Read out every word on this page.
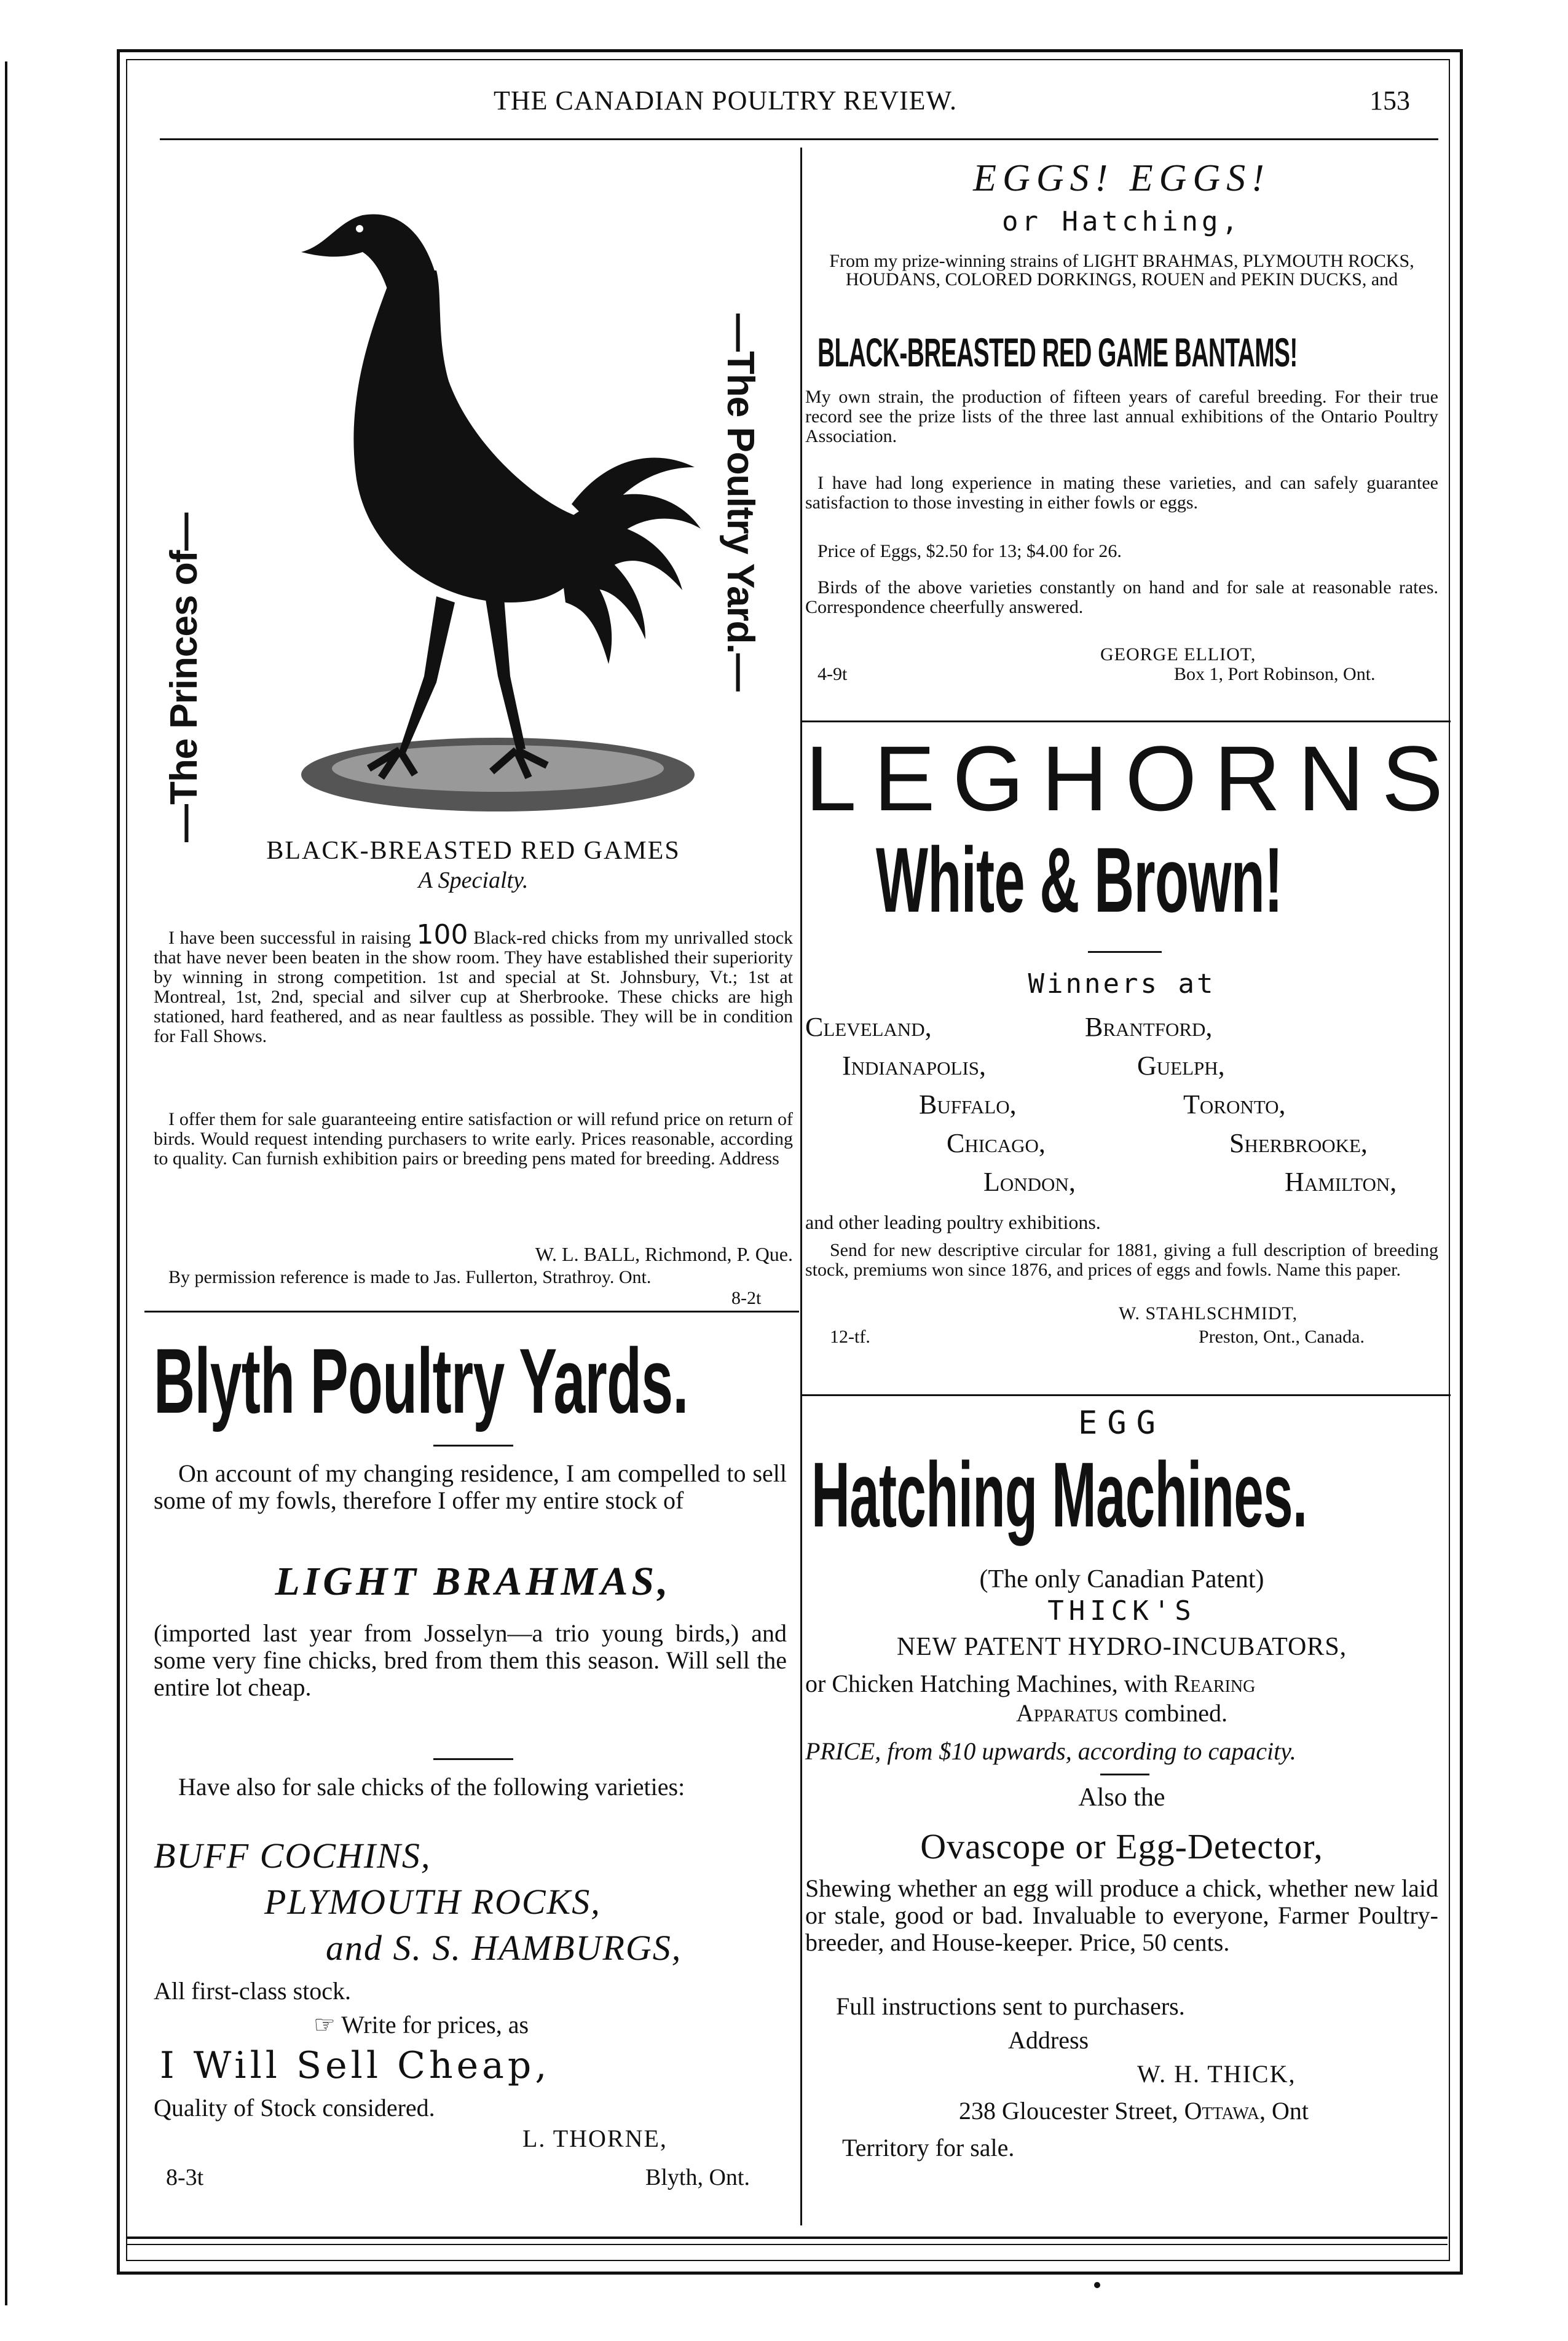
THE CANADIAN POULTRY REVIEW.	153
—The Princes of—	—The Poultry Yard.—
BLACK-BREASTED RED GAMES
A Specialty.
I have been successful in raising 100 Black-red chicks from my unrivalled stock that have never been beaten in the show room. They have established their superiority by winning in strong competition. 1st and special at St. Johnsbury, Vt.; 1st at Montreal, 1st, 2nd, special and silver cup at Sherbrooke. These chicks are high stationed, hard feathered, and as near faultless as possible. They will be in condition for Fall Shows.
I offer them for sale guaranteeing entire satisfaction or will refund price on return of birds. Would request intending purchasers to write early. Prices reasonable, according to quality. Can furnish exhibition pairs or breeding pens mated for breeding. Address
W. L. BALL, Richmond, P. Que.
By permission reference is made to Jas. Fullerton, Strathroy. Ont.
8-2t
Blyth Poultry Yards.
On account of my changing residence, I am compelled to sell some of my fowls, therefore I offer my entire stock of
LIGHT BRAHMAS,
(imported last year from Josselyn—a trio young birds,) and some very fine chicks, bred from them this season. Will sell the entire lot cheap.
Have also for sale chicks of the following varieties:
BUFF COCHINS,
PLYMOUTH ROCKS,
and S. S. HAMBURGS,
All first-class stock.
☞ Write for prices, as
I Will Sell Cheap,
Quality of Stock considered.
L. THORNE,
8-3t	Blyth, Ont.
EGGS! EGGS!
or Hatching,
From my prize-winning strains of LIGHT BRAHMAS, PLYMOUTH ROCKS, HOUDANS, COLORED DORKINGS, ROUEN and PEKIN DUCKS, and
BLACK-BREASTED RED GAME BANTAMS!
My own strain, the production of fifteen years of careful breeding. For their true record see the prize lists of the three last annual exhibitions of the Ontario Poultry Association.
I have had long experience in mating these varieties, and can safely guarantee satisfaction to those investing in either fowls or eggs.
Price of Eggs, $2.50 for 13; $4.00 for 26.
Birds of the above varieties constantly on hand and for sale at reasonable rates. Correspondence cheerfully answered.
GEORGE ELLIOT,
4-9t	Box 1, Port Robinson, Ont.
LEGHORNS
White & Brown!
Winners at
Cleveland,	Brantford,
Indianapolis,	Guelph,
Buffalo,	Toronto,
Chicago,	Sherbrooke,
London,	Hamilton,
and other leading poultry exhibitions.
Send for new descriptive circular for 1881, giving a full description of breeding stock, premiums won since 1876, and prices of eggs and fowls. Name this paper.
W. STAHLSCHMIDT,
12-tf.	Preston, Ont., Canada.
EGG
Hatching Machines.
(The only Canadian Patent)
THICK'S
NEW PATENT HYDRO-INCUBATORS,
or Chicken Hatching Machines, with Rearing
Apparatus combined.
PRICE, from $10 upwards, according to capacity.
Also the
Ovascope or Egg-Detector,
Shewing whether an egg will produce a chick, whether new laid or stale, good or bad. Invaluable to everyone, Farmer Poultry-breeder, and House-keeper. Price, 50 cents.
Full instructions sent to purchasers.
Address
W. H. THICK,
238 Gloucester Street, Ottawa, Ont
Territory for sale.
